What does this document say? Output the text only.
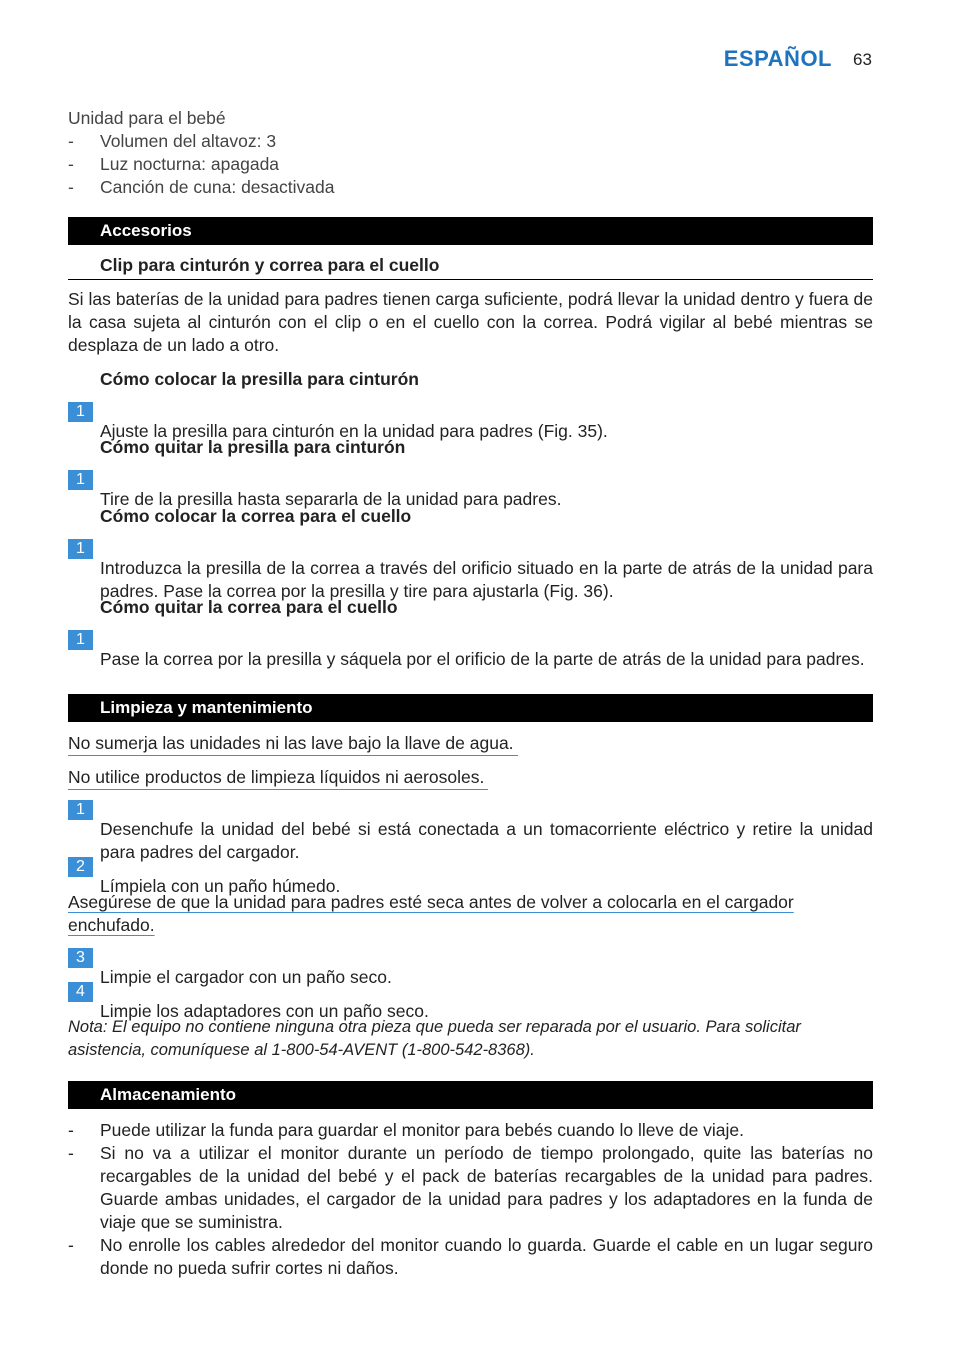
ESPAÑOL 63

Unidad para el bebé

- Volumen del altavoz: 3
- Luz nocturna: apagada
- Canción de cuna: desactivada
Accesorios
Clip para cinturón y correa para el cuello

Si las baterías de la unidad para padres tienen carga suficiente, podrá llevar la unidad dentro y fuera de la casa sujeta al cinturón con el clip o en el cuello con la correa. Podrá vigilar al bebé mientras se desplaza de un lado a otro.

Cómo colocar la presilla para cinturón
1

Ajuste la presilla para cinturón en la unidad para padres (Fig. 35).

Cómo quitar la presilla para cinturón
1

Tire de la presilla hasta separarla de la unidad para padres.

Cómo colocar la correa para el cuello
1

Introduzca la presilla de la correa a través del orificio situado en la parte de atrás de la unidad para padres. Pase la correa por la presilla y tire para ajustarla (Fig. 36).

Cómo quitar la correa para el cuello
1

Pase la correa por la presilla y sáquela por el orificio de la parte de atrás de la unidad para padres.

Limpieza y mantenimiento
No sumerja las unidades ni las lave bajo la llave de agua.
No utilice productos de limpieza líquidos ni aerosoles.
1

Desenchufe la unidad del bebé si está conectada a un tomacorriente eléctrico y retire la unidad para padres del cargador.

2

Límpiela con un paño húmedo.

Asegúrese de que la unidad para padres esté seca antes de volver a colocarla en el cargador enchufado.
3

Limpie el cargador con un paño seco.

4

Limpie los adaptadores con un paño seco.

Nota: El equipo no contiene ninguna otra pieza que pueda ser reparada por el usuario. Para solicitar asistencia, comuníquese al 1-800-54-AVENT (1-800-542-8368).

Almacenamiento
- Puede utilizar la funda para guardar el monitor para bebés cuando lo lleve de viaje.
- Si no va a utilizar el monitor durante un período de tiempo prolongado, quite las baterías no recargables de la unidad del bebé y el pack de baterías recargables de la unidad para padres. Guarde ambas unidades, el cargador de la unidad para padres y los adaptadores en la funda de viaje que se suministra.
- No enrolle los cables alrededor del monitor cuando lo guarda. Guarde el cable en un lugar seguro donde no pueda sufrir cortes ni daños.
